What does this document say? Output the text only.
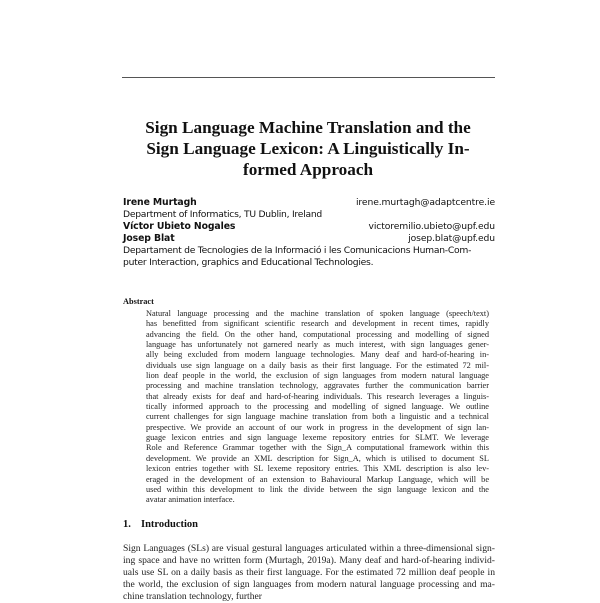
Sign Language Machine Translation and the
Sign Language Lexicon: A Linguistically In-
formed Approach
Irene Murtagh	irene.murtagh@adaptcentre.ie
Department of Informatics, TU Dublin, Ireland
Víctor Ubieto Nogales	victoremilio.ubieto@upf.edu
Josep Blat	josep.blat@upf.edu
Departament de Tecnologies de la Informació i les Comunicacions Human-Com-
puter Interaction, graphics and Educational Technologies.
Abstract
Natural language processing and the machine translation of spoken language (speech/text)
has benefitted from significant scientific research and development in recent times, rapidly
advancing the field. On the other hand, computational processing and modelling of signed
language has unfortunately not garnered nearly as much interest, with sign languages gener-
ally being excluded from modern language technologies. Many deaf and hard-of-hearing in-
dividuals use sign language on a daily basis as their first language. For the estimated 72 mil-
lion deaf people in the world, the exclusion of sign languages from modern natural language
processing and machine translation technology, aggravates further the communication barrier
that already exists for deaf and hard-of-hearing individuals. This research leverages a linguis-
tically informed approach to the processing and modelling of signed language. We outline
current challenges for sign language machine translation from both a linguistic and a technical
prespective. We provide an account of our work in progress in the development of sign lan-
guage lexicon entries and sign language lexeme repository entries for SLMT. We leverage
Role and Reference Grammar together with the Sign_A computational framework within this
development. We provide an XML description for Sign_A, which is utilised to document SL
lexicon entries together with SL lexeme repository entries. This XML description is also lev-
eraged in the development of an extension to Bahavioural Markup Language, which will be
used within this development to link the divide between the sign language lexicon and the
avatar animation interface.
1. Introduction
Sign Languages (SLs) are visual gestural languages articulated within a three-dimensional sign-
ing space and have no written form (Murtagh, 2019a). Many deaf and hard-of-hearing individ-
uals use SL on a daily basis as their first language. For the estimated 72 million deaf people in
the world, the exclusion of sign languages from modern natural language processing and ma-
chine translation technology, further
